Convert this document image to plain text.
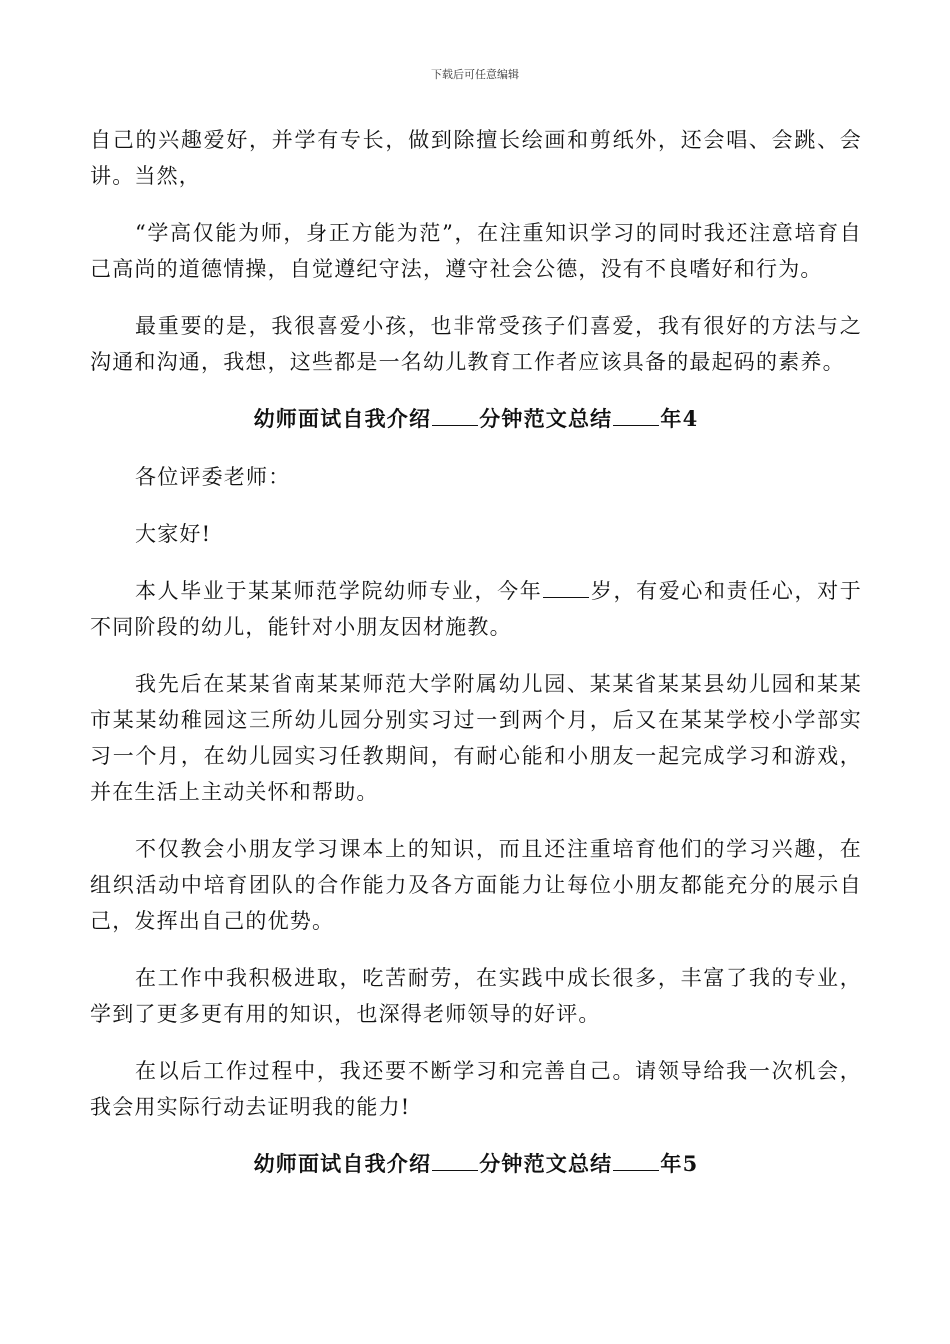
下载后可任意编辑

自己的兴趣爱好，并学有专长，做到除擅长绘画和剪纸外，还会唱、会跳、会讲。当然，

“学高仅能为师，身正方能为范”，在注重知识学习的同时我还注意培育自己高尚的道德情操，自觉遵纪守法，遵守社会公德，没有不良嗜好和行为。

最重要的是，我很喜爱小孩，也非常受孩子们喜爱，我有很好的方法与之沟通和沟通，我想，这些都是一名幼儿教育工作者应该具备的最起码的素养。

幼师面试自我介绍 分钟范文总结 年4

各位评委老师：

大家好!

本人毕业于某某师范学院幼师专业，今年 岁，有爱心和责任心，对于不同阶段的幼儿，能针对小朋友因材施教。

我先后在某某省南某某师范大学附属幼儿园、某某省某某县幼儿园和某某市某某幼稚园这三所幼儿园分别实习过一到两个月，后又在某某学校小学部实习一个月，在幼儿园实习任教期间，有耐心能和小朋友一起完成学习和游戏，并在生活上主动关怀和帮助。

不仅教会小朋友学习课本上的知识，而且还注重培育他们的学习兴趣，在组织活动中培育团队的合作能力及各方面能力让每位小朋友都能充分的展示自己，发挥出自己的优势。

在工作中我积极进取，吃苦耐劳，在实践中成长很多，丰富了我的专业，学到了更多更有用的知识，也深得老师领导的好评。

在以后工作过程中，我还要不断学习和完善自己。请领导给我一次机会，我会用实际行动去证明我的能力!

幼师面试自我介绍 分钟范文总结 年5
